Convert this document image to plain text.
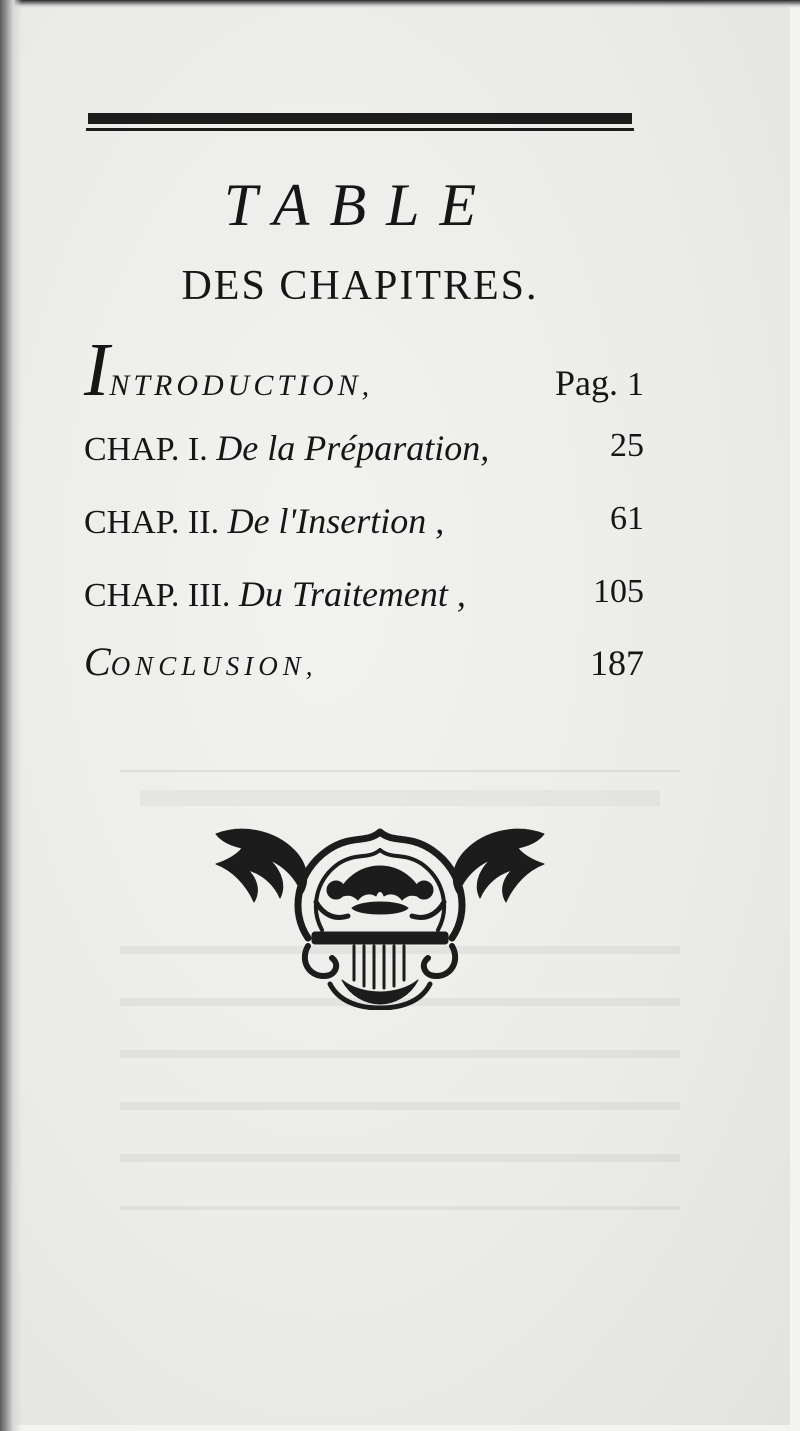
TABLE
DES CHAPITRES.
INTRODUCTION,	Pag. 1
CHAP. I. De la Préparation,	25
CHAP. II. De l'Insertion ,	61
CHAP. III. Du Traitement ,	105
CONCLUSION,	187
